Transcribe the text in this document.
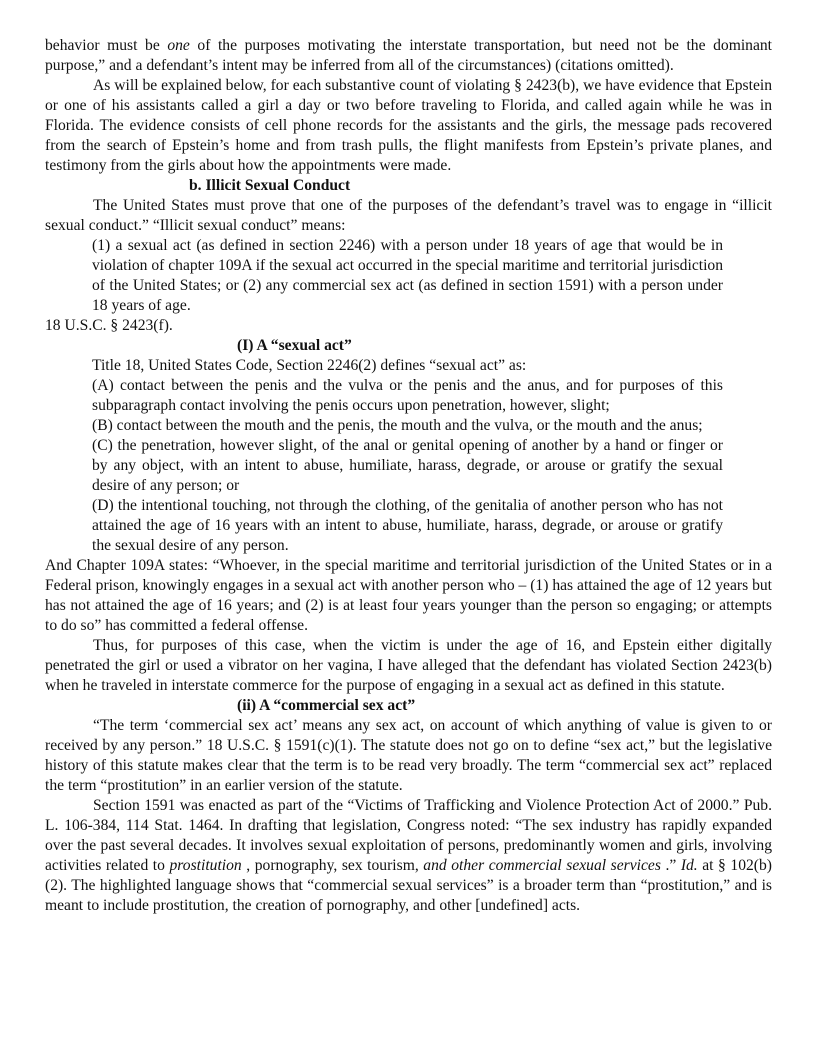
behavior must be one of the purposes motivating the interstate transportation, but need not be the dominant purpose,” and a defendant’s intent may be inferred from all of the circumstances) (citations omitted).

As will be explained below, for each substantive count of violating § 2423(b), we have evidence that Epstein or one of his assistants called a girl a day or two before traveling to Florida, and called again while he was in Florida. The evidence consists of cell phone records for the assistants and the girls, the message pads recovered from the search of Epstein’s home and from trash pulls, the flight manifests from Epstein’s private planes, and testimony from the girls about how the appointments were made.

b. Illicit Sexual Conduct

The United States must prove that one of the purposes of the defendant’s travel was to engage in “illicit sexual conduct.” “Illicit sexual conduct” means:

(1) a sexual act (as defined in section 2246) with a person under 18 years of age that would be in violation of chapter 109A if the sexual act occurred in the special maritime and territorial jurisdiction of the United States; or (2) any commercial sex act (as defined in section 1591) with a person under 18 years of age.

18 U.S.C. § 2423(f).

(I) A “sexual act”

Title 18, United States Code, Section 2246(2) defines “sexual act” as:

(A) contact between the penis and the vulva or the penis and the anus, and for purposes of this subparagraph contact involving the penis occurs upon penetration, however, slight;

(B) contact between the mouth and the penis, the mouth and the vulva, or the mouth and the anus;

(C) the penetration, however slight, of the anal or genital opening of another by a hand or finger or by any object, with an intent to abuse, humiliate, harass, degrade, or arouse or gratify the sexual desire of any person; or

(D) the intentional touching, not through the clothing, of the genitalia of another person who has not attained the age of 16 years with an intent to abuse, humiliate, harass, degrade, or arouse or gratify the sexual desire of any person.

And Chapter 109A states: “Whoever, in the special maritime and territorial jurisdiction of the United States or in a Federal prison, knowingly engages in a sexual act with another person who – (1) has attained the age of 12 years but has not attained the age of 16 years; and (2) is at least four years younger than the person so engaging; or attempts to do so” has committed a federal offense.

Thus, for purposes of this case, when the victim is under the age of 16, and Epstein either digitally penetrated the girl or used a vibrator on her vagina, I have alleged that the defendant has violated Section 2423(b) when he traveled in interstate commerce for the purpose of engaging in a sexual act as defined in this statute.

(ii) A “commercial sex act”

“The term ‘commercial sex act’ means any sex act, on account of which anything of value is given to or received by any person.” 18 U.S.C. § 1591(c)(1). The statute does not go on to define “sex act,” but the legislative history of this statute makes clear that the term is to be read very broadly. The term “commercial sex act” replaced the term “prostitution” in an earlier version of the statute.

Section 1591 was enacted as part of the “Victims of Trafficking and Violence Protection Act of 2000.” Pub. L. 106-384, 114 Stat. 1464. In drafting that legislation, Congress noted: “The sex industry has rapidly expanded over the past several decades. It involves sexual exploitation of persons, predominantly women and girls, involving activities related to prostitution , pornography, sex tourism, and other commercial sexual services .” Id. at § 102(b)(2). The highlighted language shows that “commercial sexual services” is a broader term than “prostitution,” and is meant to include prostitution, the creation of pornography, and other [undefined] acts.
